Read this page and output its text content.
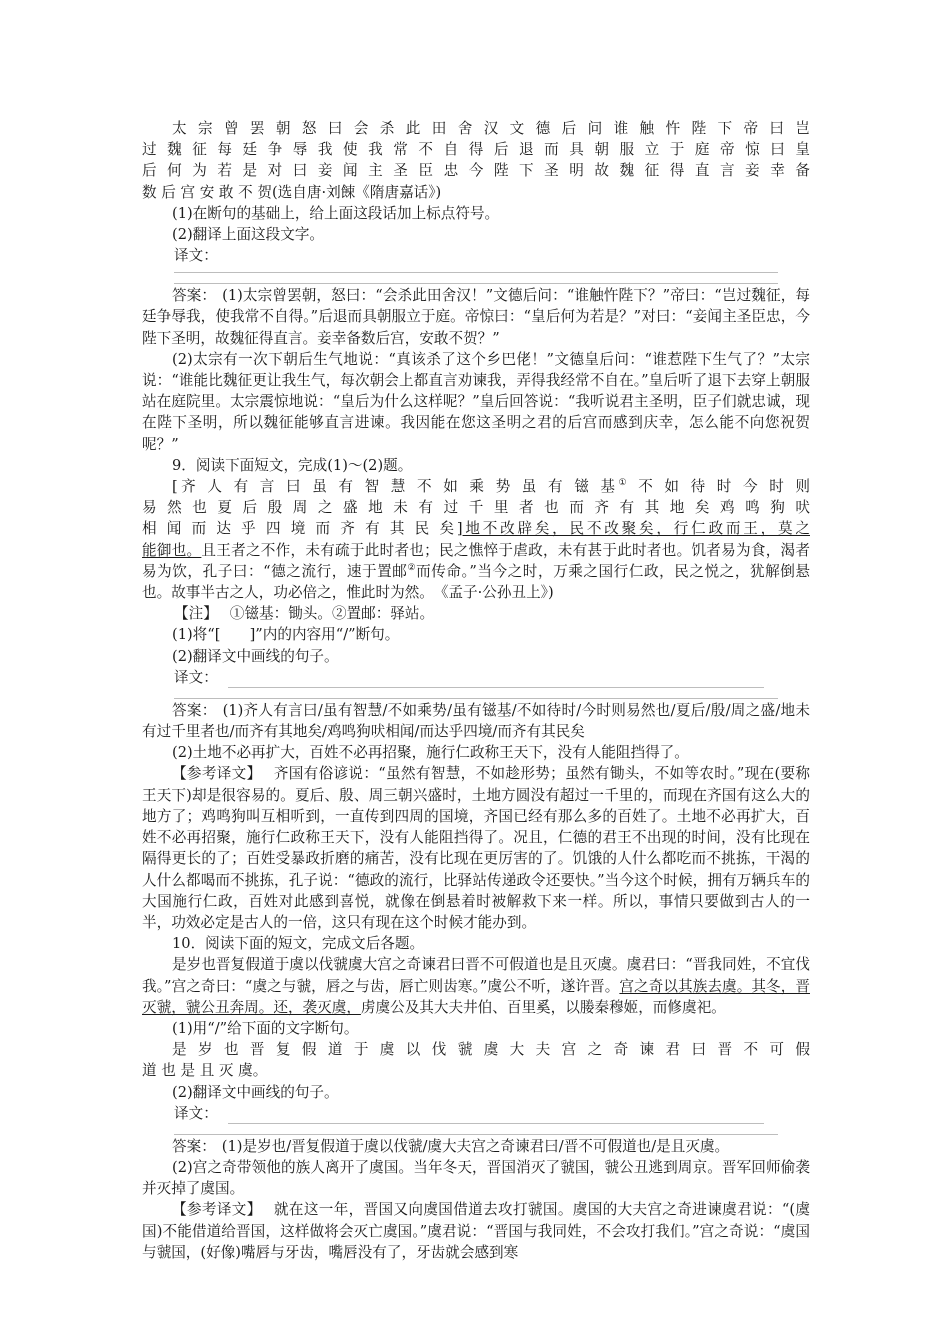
太 宗 曾 罢 朝 怒 曰 会 杀 此 田 舍 汉 文 德 后 问 谁 触 忤 陛 下 帝 曰 岂

过 魏 征 每 廷 争 辱 我 使 我 常 不 自 得 后 退 而 具 朝 服 立 于 庭 帝 惊 曰 皇

后 何 为 若 是 对 曰 妾 闻 主 圣 臣 忠 今 陛 下 圣 明 故 魏 征 得 直 言 妾 幸 备

数 后 宫 安 敢 不 贺(选自唐·刘餗《隋唐嘉话》)

(1)在断句的基础上，给上面这段话加上标点符号。

(2)翻译上面这段文字。

译文：

答案： (1)太宗曾罢朝，怒曰：“会杀此田舍汉！”文德后问：“谁触忤陛下？”帝曰：“岂过魏征，每廷争辱我，使我常不自得。”后退而具朝服立于庭。帝惊曰：“皇后何为若是？”对曰：“妾闻主圣臣忠，今陛下圣明，故魏征得直言。妾幸备数后宫，安敢不贺？”

(2)太宗有一次下朝后生气地说：“真该杀了这个乡巴佬！”文德皇后问：“谁惹陛下生气了？”太宗说：“谁能比魏征更让我生气，每次朝会上都直言劝谏我，弄得我经常不自在。”皇后听了退下去穿上朝服站在庭院里。太宗震惊地说：“皇后为什么这样呢？”皇后回答说：“我听说君主圣明，臣子们就忠诚，现在陛下圣明，所以魏征能够直言进谏。我因能在您这圣明之君的后宫而感到庆幸，怎么能不向您祝贺呢？”

9．阅读下面短文，完成(1)～(2)题。

[齐 人 有 言 曰 虽 有 智 慧 不 如 乘 势 虽 有 镃 基① 不 如 待 时 今 时 则

易 然 也 夏 后 殷 周 之 盛 地 未 有 过 千 里 者 也 而 齐 有 其 地 矣 鸡 鸣 狗 吠

相 闻 而 达 乎 四 境 而 齐 有 其 民 矣]地不改辟矣，民不改聚矣，行仁政而王，莫之

能御也。且王者之不作，未有疏于此时者也；民之憔悴于虐政，未有甚于此时者也。饥者易为食，渴者易为饮，孔子曰：“德之流行，速于置邮②而传命。”当今之时，万乘之国行仁政，民之悦之，犹解倒悬也。故事半古之人，功必倍之，惟此时为然。　《孟子·公孙丑上》)

【注】 ①镃基：锄头。②置邮：驿站。

(1)将“[　　]”内的内容用“/”断句。

(2)翻译文中画线的句子。

译文：

答案： (1)齐人有言曰/虽有智慧/不如乘势/虽有镃基/不如待时/今时则易然也/夏后/殷/周之盛/地未有过千里者也/而齐有其地矣/鸡鸣狗吠相闻/而达乎四境/而齐有其民矣

(2)土地不必再扩大，百姓不必再招聚，施行仁政称王天下，没有人能阻挡得了。

【参考译文】 齐国有俗谚说：“虽然有智慧，不如趁形势；虽然有锄头，不如等农时。”现在(要称王天下)却是很容易的。夏后、殷、周三朝兴盛时，土地方圆没有超过一千里的，而现在齐国有这么大的地方了；鸡鸣狗叫互相听到，一直传到四周的国境，齐国已经有那么多的百姓了。土地不必再扩大，百姓不必再招聚，施行仁政称王天下，没有人能阻挡得了。况且，仁德的君王不出现的时间，没有比现在隔得更长的了；百姓受暴政折磨的痛苦，没有比现在更厉害的了。饥饿的人什么都吃而不挑拣，干渴的人什么都喝而不挑拣，孔子说：“德政的流行，比驿站传递政令还要快。”当今这个时候，拥有万辆兵车的大国施行仁政，百姓对此感到喜悦，就像在倒悬着时被解救下来一样。所以，事情只要做到古人的一半，功效必定是古人的一倍，这只有现在这个时候才能办到。

10．阅读下面的短文，完成文后各题。

是岁也晋复假道于虞以伐虢虞大宫之奇谏君曰晋不可假道也是且灭虞。虞君曰：“晋我同姓，不宜伐我。”宫之奇曰：“虞之与虢，唇之与齿，唇亡则齿寒。”虞公不听，遂许晋。宫之奇以其族去虞。其冬，晋灭虢，虢公丑奔周。还，袭灭虞，虏虞公及其大夫井伯、百里奚，以媵秦穆姬，而修虞祀。

(1)用“/”给下面的文字断句。

是 岁 也 晋 复 假 道 于 虞 以 伐 虢 虞 大 夫 宫 之 奇 谏 君 曰 晋 不 可 假

道 也 是 且 灭 虞。

(2)翻译文中画线的句子。

译文：

答案： (1)是岁也/晋复假道于虞以伐虢/虞大夫宫之奇谏君曰/晋不可假道也/是且灭虞。

(2)宫之奇带领他的族人离开了虞国。当年冬天，晋国消灭了虢国，虢公丑逃到周京。晋军回师偷袭并灭掉了虞国。

【参考译文】 就在这一年，晋国又向虞国借道去攻打虢国。虞国的大夫宫之奇进谏虞君说：“(虞国)不能借道给晋国，这样做将会灭亡虞国。”虞君说：“晋国与我同姓，不会攻打我们。”宫之奇说：“虞国与虢国，(好像)嘴唇与牙齿，嘴唇没有了，牙齿就会感到寒
